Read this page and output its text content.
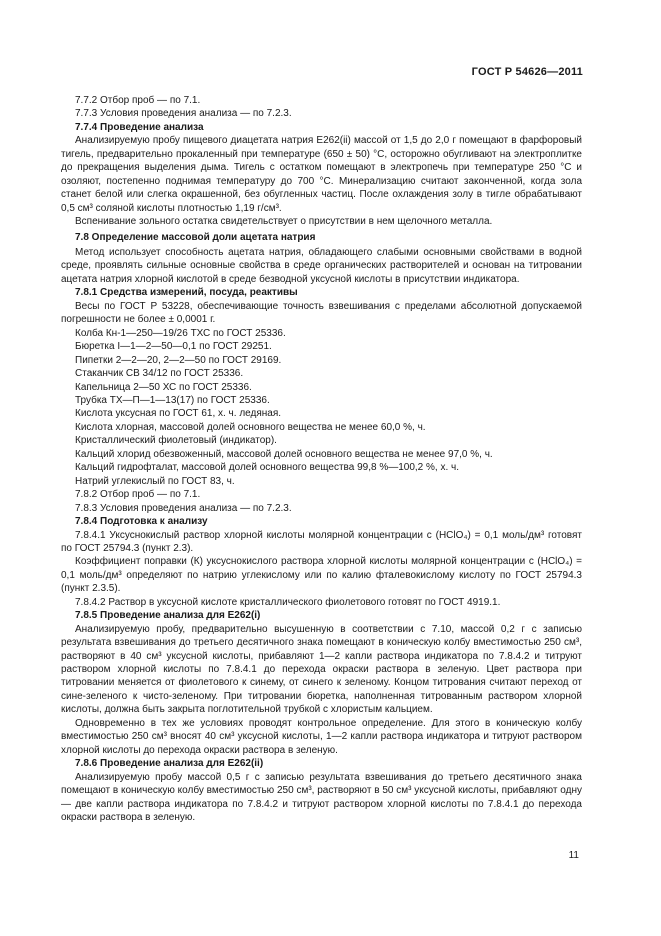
ГОСТ Р 54626—2011

7.7.2 Отбор проб — по 7.1.

7.7.3 Условия проведения анализа — по 7.2.3.

7.7.4 Проведение анализа

Анализируемую пробу пищевого диацетата натрия Е262(ii) массой от 1,5 до 2,0 г помещают в фарфоровый тигель, предварительно прокаленный при температуре (650 ± 50) °С, осторожно обугливают на электроплитке до прекращения выделения дыма. Тигель с остатком помещают в электропечь при температуре 250 °С и озоляют, постепенно поднимая температуру до 700 °С. Минерализацию считают законченной, когда зола станет белой или слегка окрашенной, без обугленных частиц. После охлаждения золу в тигле обрабатывают 0,5 см³ соляной кислоты плотностью 1,19 г/см³.

Вспенивание зольного остатка свидетельствует о присутствии в нем щелочного металла.

7.8 Определение массовой доли ацетата натрия

Метод использует способность ацетата натрия, обладающего слабыми основными свойствами в водной среде, проявлять сильные основные свойства в среде органических растворителей и основан на титровании ацетата натрия хлорной кислотой в среде безводной уксусной кислоты в присутствии индикатора.

7.8.1 Средства измерений, посуда, реактивы

Весы по ГОСТ Р 53228, обеспечивающие точность взвешивания с пределами абсолютной допускаемой погрешности не более ± 0,0001 г.

Колба Кн-1—250—19/26 ТХС по ГОСТ 25336.

Бюретка I—1—2—50—0,1 по ГОСТ 29251.

Пипетки 2—2—20, 2—2—50 по ГОСТ 29169.

Стаканчик СВ 34/12 по ГОСТ 25336.

Капельница 2—50 ХС по ГОСТ 25336.

Трубка ТХ—П—1—13(17) по ГОСТ 25336.

Кислота уксусная по ГОСТ 61, х. ч. ледяная.

Кислота хлорная, массовой долей основного вещества не менее 60,0 %, ч.

Кристаллический фиолетовый (индикатор).

Кальций хлорид обезвоженный, массовой долей основного вещества не менее 97,0 %, ч.

Кальций гидрофталат, массовой долей основного вещества 99,8 %—100,2 %, х. ч.

Натрий углекислый по ГОСТ 83, ч.

7.8.2 Отбор проб — по 7.1.

7.8.3 Условия проведения анализа — по 7.2.3.

7.8.4 Подготовка к анализу

7.8.4.1 Уксуснокислый раствор хлорной кислоты молярной концентрации с (HClO₄) = 0,1 моль/дм³ готовят по ГОСТ 25794.3 (пункт 2.3).

Коэффициент поправки (К) уксуснокислого раствора хлорной кислоты молярной концентрации с (HClO₄) = 0,1 моль/дм³ определяют по натрию углекислому или по калию фталевокислому кислоту по ГОСТ 25794.3 (пункт 2.3.5).

7.8.4.2 Раствор в уксусной кислоте кристаллического фиолетового готовят по ГОСТ 4919.1.

7.8.5 Проведение анализа для Е262(i)

Анализируемую пробу, предварительно высушенную в соответствии с 7.10, массой 0,2 г с записью результата взвешивания до третьего десятичного знака помещают в коническую колбу вместимостью 250 см³, растворяют в 40 см³ уксусной кислоты, прибавляют 1—2 капли раствора индикатора по 7.8.4.2 и титруют раствором хлорной кислоты по 7.8.4.1 до перехода окраски раствора в зеленую. Цвет раствора при титровании меняется от фиолетового к синему, от синего к зеленому. Концом титрования считают переход от сине-зеленого к чисто-зеленому. При титровании бюретка, наполненная титрованным раствором хлорной кислоты, должна быть закрыта поглотительной трубкой с хлористым кальцием.

Одновременно в тех же условиях проводят контрольное определение. Для этого в коническую колбу вместимостью 250 см³ вносят 40 см³ уксусной кислоты, 1—2 капли раствора индикатора и титруют раствором хлорной кислоты до перехода окраски раствора в зеленую.

7.8.6 Проведение анализа для Е262(ii)

Анализируемую пробу массой 0,5 г с записью результата взвешивания до третьего десятичного знака помещают в коническую колбу вместимостью 250 см³, растворяют в 50 см³ уксусной кислоты, прибавляют одну — две капли раствора индикатора по 7.8.4.2 и титруют раствором хлорной кислоты по 7.8.4.1 до перехода окраски раствора в зеленую.

11
